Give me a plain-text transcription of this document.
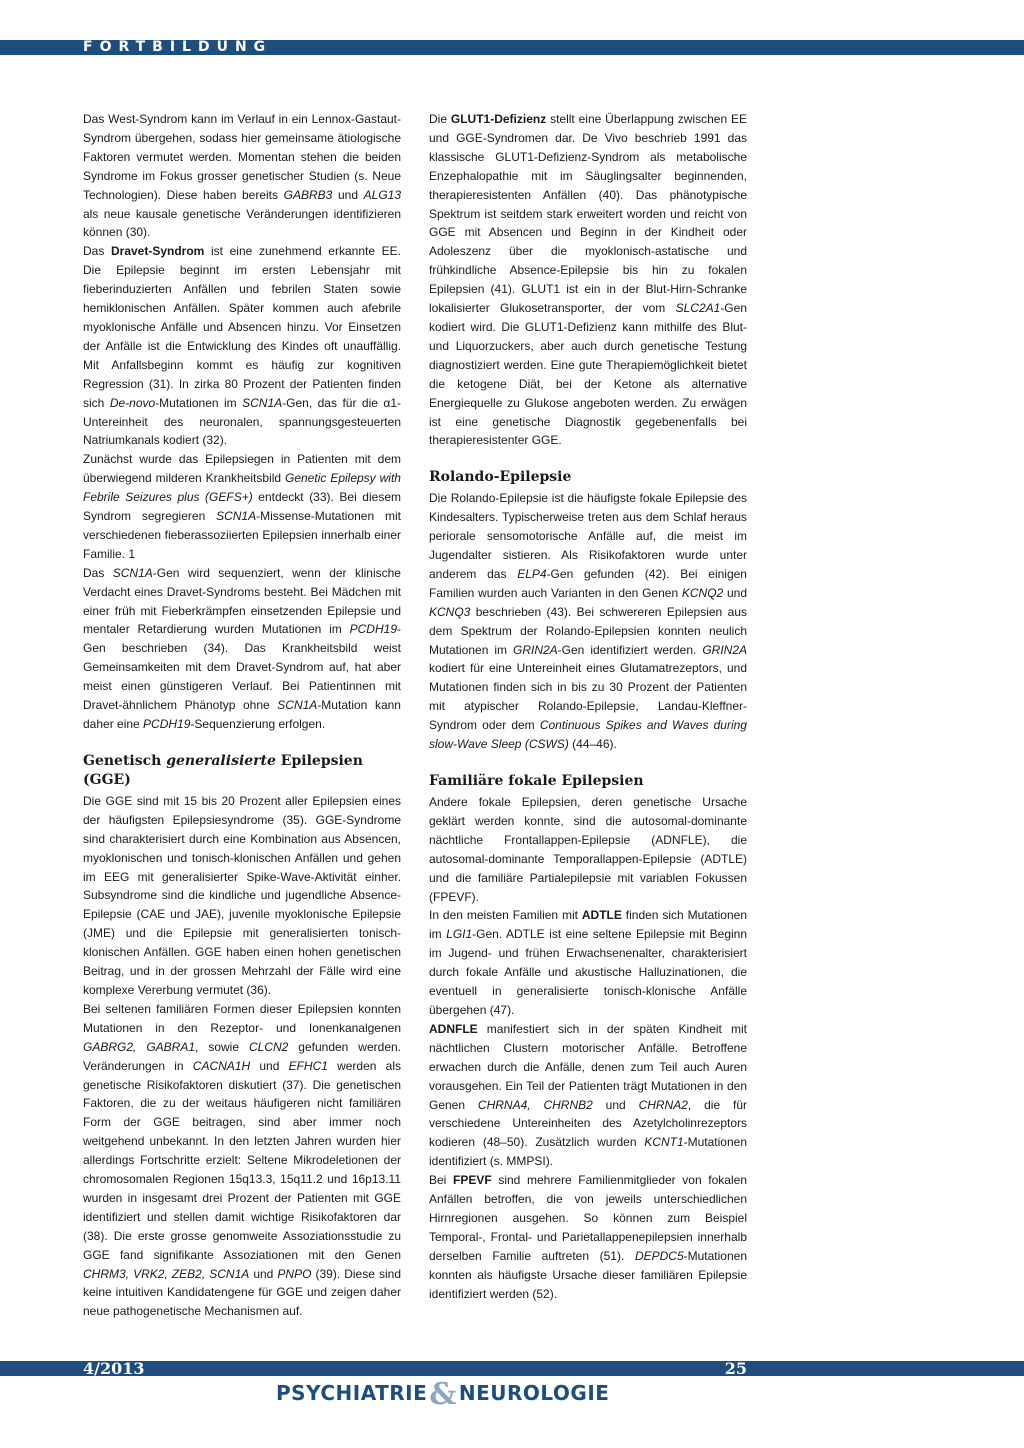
FORTBILDUNG

Das West-Syndrom kann im Verlauf in ein Lennox-Gastaut-Syndrom übergehen, sodass hier gemeinsame ätiologische Faktoren vermutet werden. Momentan stehen die beiden Syndrome im Fokus grosser genetischer Studien (s. Neue Technologien). Diese haben bereits GABRB3 und ALG13 als neue kausale genetische Veränderungen identifizieren können (30).

Das Dravet-Syndrom ist eine zunehmend erkannte EE. Die Epilepsie beginnt im ersten Lebensjahr mit fieberinduzierten Anfällen und febrilen Staten sowie hemiklonischen Anfällen. Später kommen auch afebrile myoklonische Anfälle und Absencen hinzu. Vor Einsetzen der Anfälle ist die Entwicklung des Kindes oft unauffällig. Mit Anfallsbeginn kommt es häufig zur kognitiven Regression (31). In zirka 80 Prozent der Patienten finden sich De-novo-Mutationen im SCN1A-Gen, das für die α1-Untereinheit des neuronalen, spannungsgesteuerten Natriumkanals kodiert (32).

Zunächst wurde das Epilepsiegen in Patienten mit dem überwiegend milderen Krankheitsbild Genetic Epilepsy with Febrile Seizures plus (GEFS+) entdeckt (33). Bei diesem Syndrom segregieren SCN1A-Missense-Mutationen mit verschiedenen fieberassoziierten Epilepsien innerhalb einer Familie. 1

Das SCN1A-Gen wird sequenziert, wenn der klinische Verdacht eines Dravet-Syndroms besteht. Bei Mädchen mit einer früh mit Fieberkrämpfen einsetzenden Epilepsie und mentaler Retardierung wurden Mutationen im PCDH19-Gen beschrieben (34). Das Krankheitsbild weist Gemeinsamkeiten mit dem Dravet-Syndrom auf, hat aber meist einen günstigeren Verlauf. Bei Patientinnen mit Dravet-ähnlichem Phänotyp ohne SCN1A-Mutation kann daher eine PCDH19-Sequenzierung erfolgen.

Genetisch generalisierte Epilepsien (GGE)

Die GGE sind mit 15 bis 20 Prozent aller Epilepsien eines der häufigsten Epilepsiesyndrome (35). GGE-Syndrome sind charakterisiert durch eine Kombination aus Absencen, myoklonischen und tonisch-klonischen Anfällen und gehen im EEG mit generalisierter Spike-Wave-Aktivität einher. Subsyndrome sind die kindliche und jugendliche Absence-Epilepsie (CAE und JAE), juvenile myoklonische Epilepsie (JME) und die Epilepsie mit generalisierten tonisch-klonischen Anfällen. GGE haben einen hohen genetischen Beitrag, und in der grossen Mehrzahl der Fälle wird eine komplexe Vererbung vermutet (36).

Bei seltenen familiären Formen dieser Epilepsien konnten Mutationen in den Rezeptor- und Ionenkanalgenen GABRG2, GABRA1, sowie CLCN2 gefunden werden. Veränderungen in CACNA1H und EFHC1 werden als genetische Risikofaktoren diskutiert (37). Die genetischen Faktoren, die zu der weitaus häufigeren nicht familiären Form der GGE beitragen, sind aber immer noch weitgehend unbekannt. In den letzten Jahren wurden hier allerdings Fortschritte erzielt: Seltene Mikrodeletionen der chromosomalen Regionen 15q13.3, 15q11.2 und 16p13.11 wurden in insgesamt drei Prozent der Patienten mit GGE identifiziert und stellen damit wichtige Risikofaktoren dar (38). Die erste grosse genomweite Assoziationsstudie zu GGE fand signifikante Assoziationen mit den Genen CHRM3, VRK2, ZEB2, SCN1A und PNPO (39). Diese sind keine intuitiven Kandidatengene für GGE und zeigen daher neue pathogenetische Mechanismen auf.

Die GLUT1-Defizienz stellt eine Überlappung zwischen EE und GGE-Syndromen dar. De Vivo beschrieb 1991 das klassische GLUT1-Defizienz-Syndrom als metabolische Enzephalopathie mit im Säuglingsalter beginnenden, therapieresistenten Anfällen (40). Das phänotypische Spektrum ist seitdem stark erweitert worden und reicht von GGE mit Absencen und Beginn in der Kindheit oder Adoleszenz über die myoklonisch-astatische und frühkindliche Absence-Epilepsie bis hin zu fokalen Epilepsien (41). GLUT1 ist ein in der Blut-Hirn-Schranke lokalisierter Glukosetransporter, der vom SLC2A1-Gen kodiert wird. Die GLUT1-Defizienz kann mithilfe des Blut- und Liquorzuckers, aber auch durch genetische Testung diagnostiziert werden. Eine gute Therapiemöglichkeit bietet die ketogene Diät, bei der Ketone als alternative Energiequelle zu Glukose angeboten werden. Zu erwägen ist eine genetische Diagnostik gegebenenfalls bei therapieresistenter GGE.

Rolando-Epilepsie

Die Rolando-Epilepsie ist die häufigste fokale Epilepsie des Kindesalters. Typischerweise treten aus dem Schlaf heraus periorale sensomotorische Anfälle auf, die meist im Jugendalter sistieren. Als Risikofaktoren wurde unter anderem das ELP4-Gen gefunden (42). Bei einigen Familien wurden auch Varianten in den Genen KCNQ2 und KCNQ3 beschrieben (43). Bei schwereren Epilepsien aus dem Spektrum der Rolando-Epilepsien konnten neulich Mutationen im GRIN2A-Gen identifiziert werden. GRIN2A kodiert für eine Untereinheit eines Glutamatrezeptors, und Mutationen finden sich in bis zu 30 Prozent der Patienten mit atypischer Rolando-Epilepsie, Landau-Kleffner-Syndrom oder dem Continuous Spikes and Waves during slow-Wave Sleep (CSWS) (44–46).

Familiäre fokale Epilepsien

Andere fokale Epilepsien, deren genetische Ursache geklärt werden konnte, sind die autosomal-dominante nächtliche Frontallappen-Epilepsie (ADNFLE), die autosomal-dominante Temporallappen-Epilepsie (ADTLE) und die familiäre Partialepilepsie mit variablen Fokussen (FPEVF).

In den meisten Familien mit ADTLE finden sich Mutationen im LGI1-Gen. ADTLE ist eine seltene Epilepsie mit Beginn im Jugend- und frühen Erwachsenenalter, charakterisiert durch fokale Anfälle und akustische Halluzinationen, die eventuell in generalisierte tonisch-klonische Anfälle übergehen (47).

ADNFLE manifestiert sich in der späten Kindheit mit nächtlichen Clustern motorischer Anfälle. Betroffene erwachen durch die Anfälle, denen zum Teil auch Auren vorausgehen. Ein Teil der Patienten trägt Mutationen in den Genen CHRNA4, CHRNB2 und CHRNA2, die für verschiedene Untereinheiten des Azetylcholinrezeptors kodieren (48–50). Zusätzlich wurden KCNT1-Mutationen identifiziert (s. MMPSI).

Bei FPEVF sind mehrere Familienmitglieder von fokalen Anfällen betroffen, die von jeweils unterschiedlichen Hirnregionen ausgehen. So können zum Beispiel Temporal-, Frontal- und Parietallappenepilepsien innerhalb derselben Familie auftreten (51). DEPDC5-Mutationen konnten als häufigste Ursache dieser familiären Epilepsie identifiziert werden (52).

4/2013	25
PSYCHIATRIE& NEUROLOGIE
